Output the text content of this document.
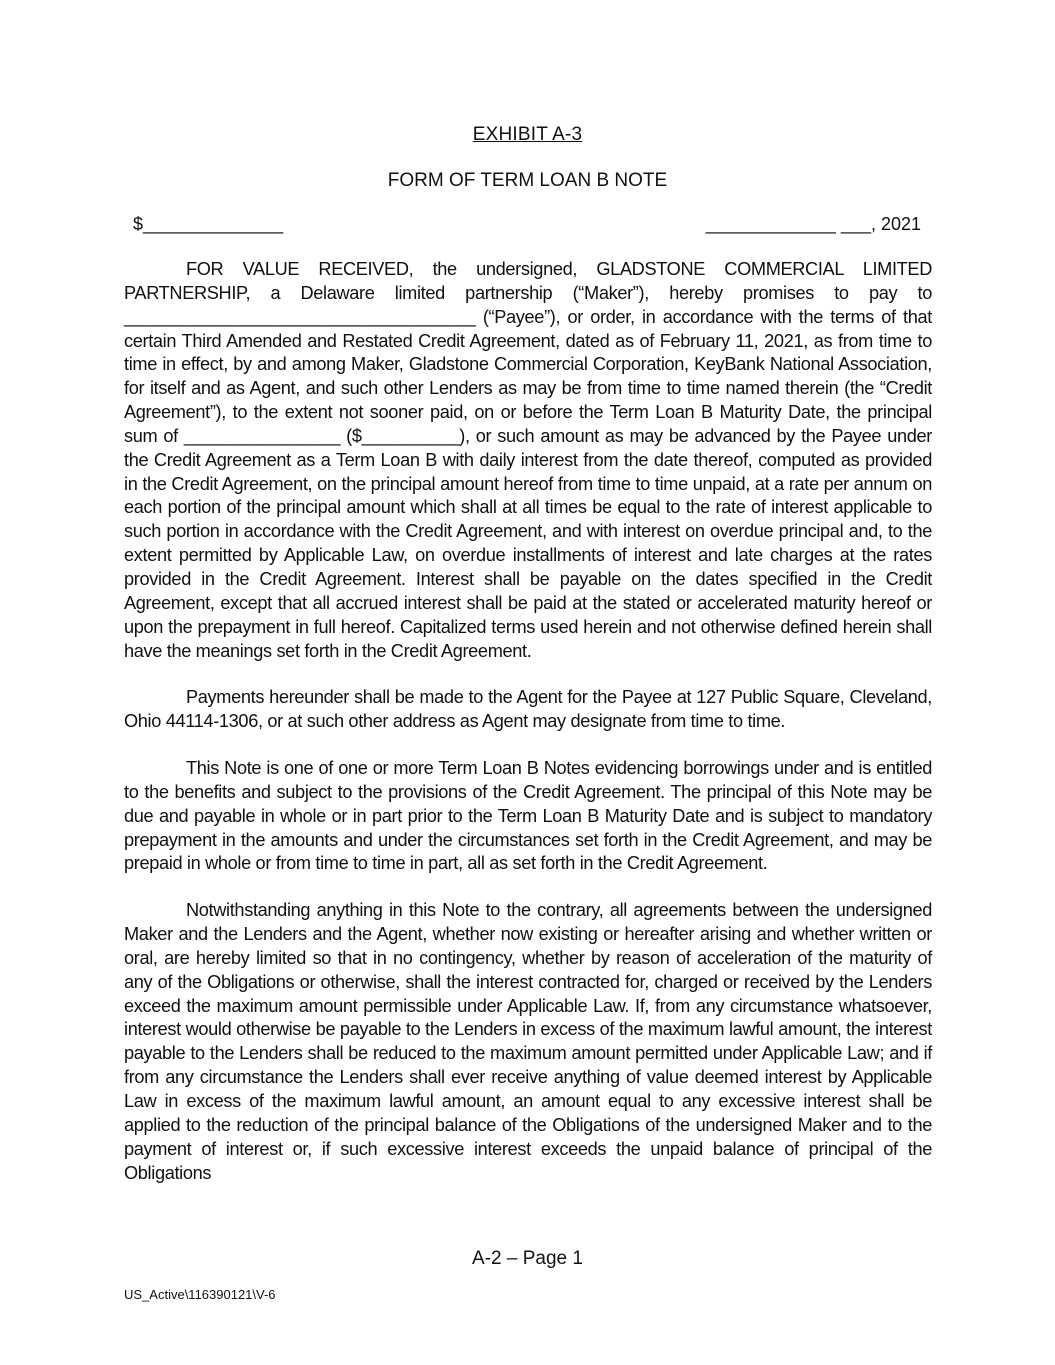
EXHIBIT A-3
FORM OF TERM LOAN B NOTE
$______________	_____________ ___, 2021

FOR VALUE RECEIVED, the undersigned, GLADSTONE COMMERCIAL LIMITED PARTNERSHIP, a Delaware limited partnership (“Maker”), hereby promises to pay to ____________________________________ (“Payee”), or order, in accordance with the terms of that certain Third Amended and Restated Credit Agreement, dated as of February 11, 2021, as from time to time in effect, by and among Maker, Gladstone Commercial Corporation, KeyBank National Association, for itself and as Agent, and such other Lenders as may be from time to time named therein (the “Credit Agreement”), to the extent not sooner paid, on or before the Term Loan B Maturity Date, the principal sum of ________________ ($__________), or such amount as may be advanced by the Payee under the Credit Agreement as a Term Loan B with daily interest from the date thereof, computed as provided in the Credit Agreement, on the principal amount hereof from time to time unpaid, at a rate per annum on each portion of the principal amount which shall at all times be equal to the rate of interest applicable to such portion in accordance with the Credit Agreement, and with interest on overdue principal and, to the extent permitted by Applicable Law, on overdue installments of interest and late charges at the rates provided in the Credit Agreement. Interest shall be payable on the dates specified in the Credit Agreement, except that all accrued interest shall be paid at the stated or accelerated maturity hereof or upon the prepayment in full hereof. Capitalized terms used herein and not otherwise defined herein shall have the meanings set forth in the Credit Agreement.

Payments hereunder shall be made to the Agent for the Payee at 127 Public Square, Cleveland, Ohio 44114-1306, or at such other address as Agent may designate from time to time.

This Note is one of one or more Term Loan B Notes evidencing borrowings under and is entitled to the benefits and subject to the provisions of the Credit Agreement. The principal of this Note may be due and payable in whole or in part prior to the Term Loan B Maturity Date and is subject to mandatory prepayment in the amounts and under the circumstances set forth in the Credit Agreement, and may be prepaid in whole or from time to time in part, all as set forth in the Credit Agreement.

Notwithstanding anything in this Note to the contrary, all agreements between the undersigned Maker and the Lenders and the Agent, whether now existing or hereafter arising and whether written or oral, are hereby limited so that in no contingency, whether by reason of acceleration of the maturity of any of the Obligations or otherwise, shall the interest contracted for, charged or received by the Lenders exceed the maximum amount permissible under Applicable Law. If, from any circumstance whatsoever, interest would otherwise be payable to the Lenders in excess of the maximum lawful amount, the interest payable to the Lenders shall be reduced to the maximum amount permitted under Applicable Law; and if from any circumstance the Lenders shall ever receive anything of value deemed interest by Applicable Law in excess of the maximum lawful amount, an amount equal to any excessive interest shall be applied to the reduction of the principal balance of the Obligations of the undersigned Maker and to the payment of interest or, if such excessive interest exceeds the unpaid balance of principal of the Obligations

A-2 – Page 1
US_Active\116390121\V-6
